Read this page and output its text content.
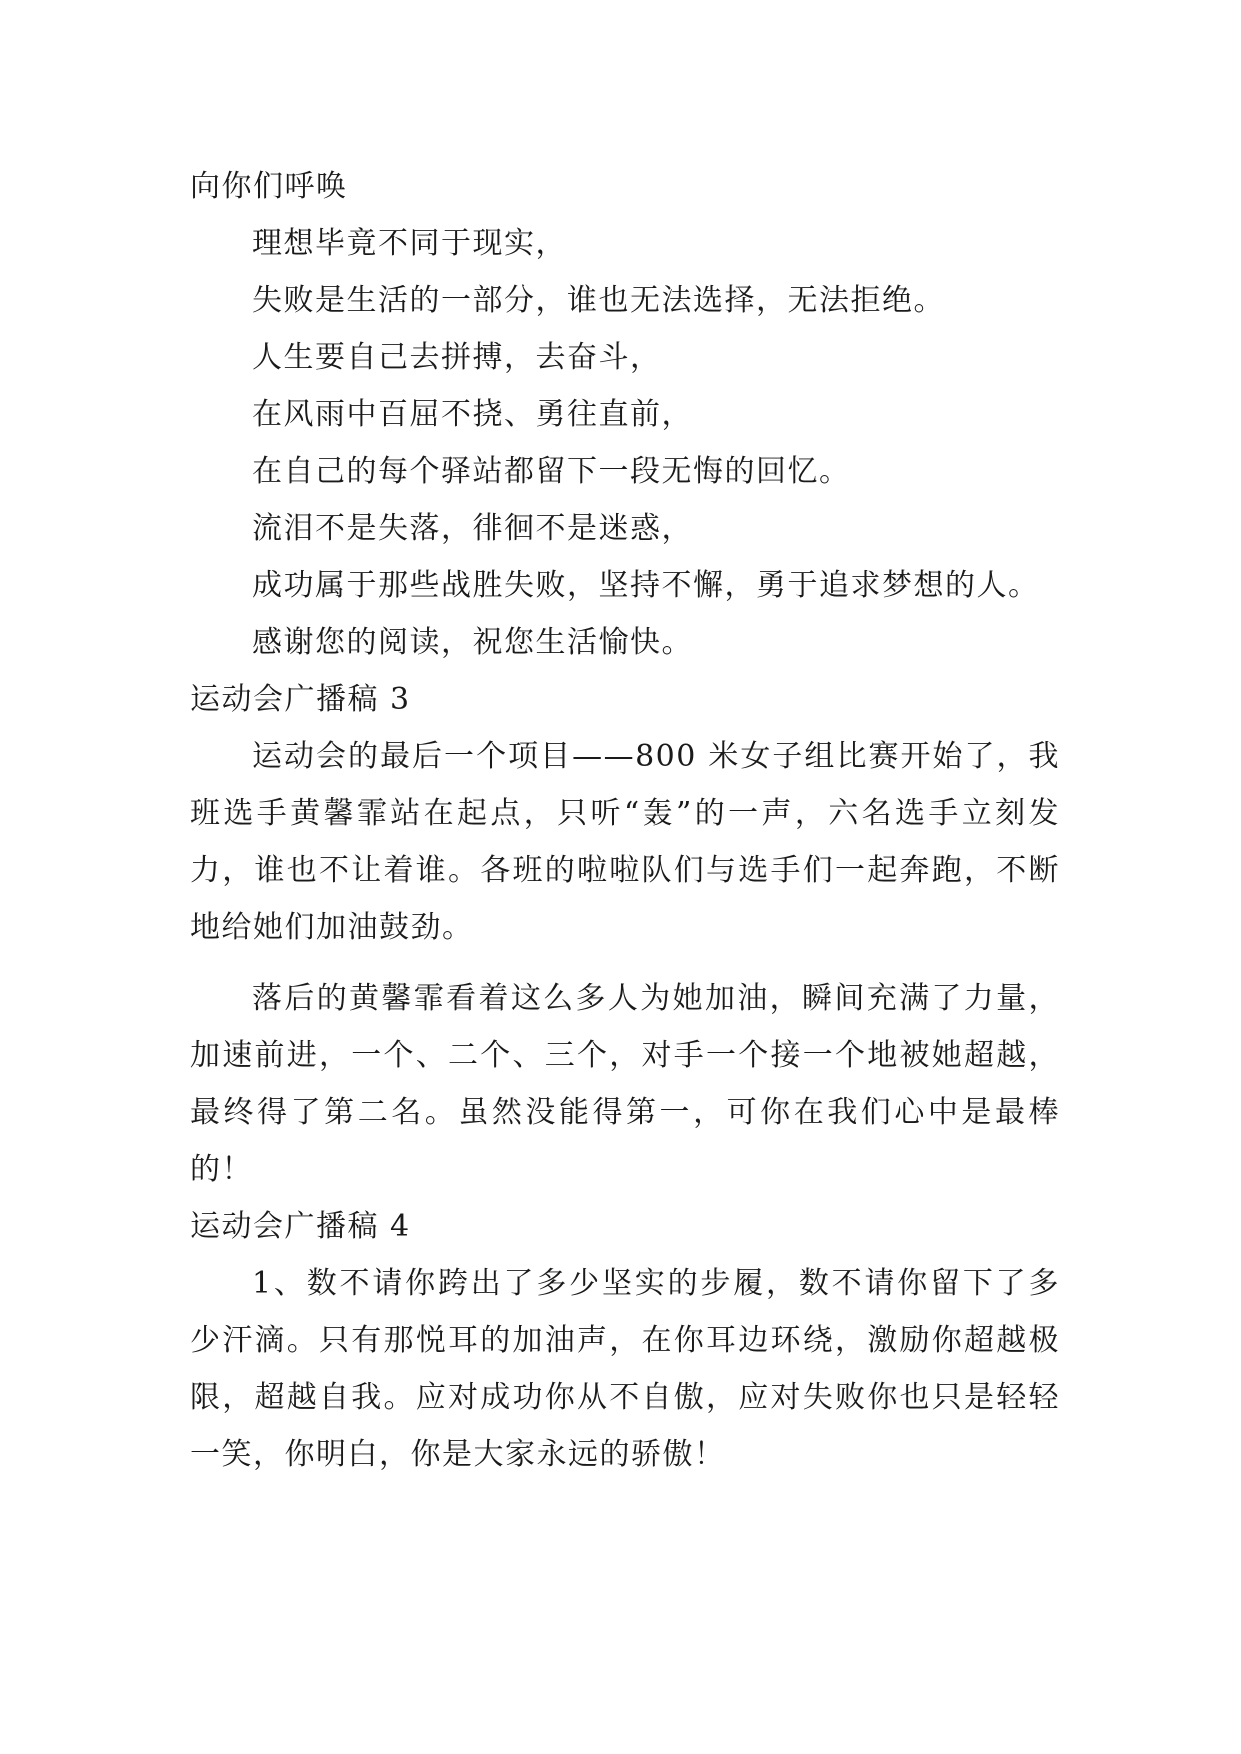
向你们呼唤
理想毕竟不同于现实，
失败是生活的一部分，谁也无法选择，无法拒绝。
人生要自己去拼搏，去奋斗，
在风雨中百屈不挠、勇往直前，
在自己的每个驿站都留下一段无悔的回忆。
流泪不是失落，徘徊不是迷惑，
成功属于那些战胜失败，坚持不懈，勇于追求梦想的人。
感谢您的阅读，祝您生活愉快。
运动会广播稿 3

运动会的最后一个项目——800 米女子组比赛开始了，我班选手黄馨霏站在起点，只听“轰”的一声，六名选手立刻发力，谁也不让着谁。各班的啦啦队们与选手们一起奔跑，不断地给她们加油鼓劲。

落后的黄馨霏看着这么多人为她加油，瞬间充满了力量，加速前进，一个、二个、三个，对手一个接一个地被她超越，最终得了第二名。虽然没能得第一，可你在我们心中是最棒的！

运动会广播稿 4

1、数不请你跨出了多少坚实的步履，数不请你留下了多少汗滴。只有那悦耳的加油声，在你耳边环绕，激励你超越极限，超越自我。应对成功你从不自傲，应对失败你也只是轻轻一笑，你明白，你是大家永远的骄傲！
